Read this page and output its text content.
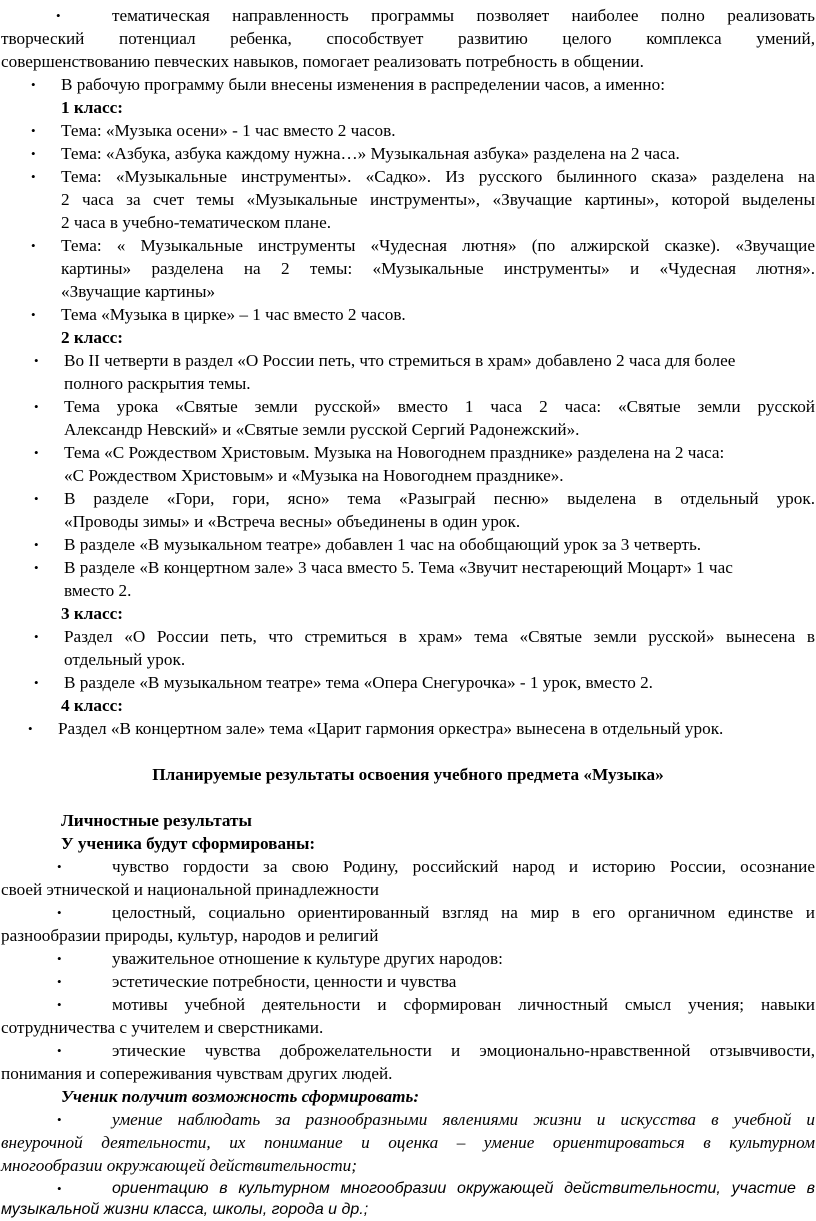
•	тематическая направленность программы позволяет наиболее полно реализовать
творческий потенциал ребенка, способствует развитию целого комплекса умений,
совершенствованию певческих навыков, помогает реализовать потребность в общении.
• В рабочую программу были внесены изменения в распределении часов, а именно:
1 класс:
• Тема: «Музыка осени» - 1 час вместо 2 часов.
• Тема: «Азбука, азбука каждому нужна…» Музыкальная азбука» разделена на 2 часа.
• Тема: «Музыкальные инструменты». «Садко». Из русского былинного сказа» разделена на
2 часа за счет темы «Музыкальные инструменты», «Звучащие картины», которой выделены
2 часа в учебно-тематическом плане.
• Тема: « Музыкальные инструменты «Чудесная лютня» (по алжирской сказке). «Звучащие
картины» разделена на 2 темы: «Музыкальные инструменты» и «Чудесная лютня».
«Звучащие картины»
• Тема «Музыка в цирке» – 1 час вместо 2 часов.
2 класс:
• Во II четверти в раздел «О России петь, что стремиться в храм» добавлено 2 часа для более
полного раскрытия темы.
• Тема урока «Святые земли русской» вместо 1 часа 2 часа: «Святые земли русской
Александр Невский» и «Святые земли русской Сергий Радонежский».
• Тема «С Рождеством Христовым. Музыка на Новогоднем празднике» разделена на 2 часа:
«С Рождеством Христовым» и «Музыка на Новогоднем празднике».
• В разделе «Гори, гори, ясно» тема «Разыграй песню» выделена в отдельный урок.
«Проводы зимы» и «Встреча весны» объединены в один урок.
• В разделе «В музыкальном театре» добавлен 1 час на обобщающий урок за 3 четверть.
• В разделе «В концертном зале» 3 часа вместо 5. Тема «Звучит нестареющий Моцарт» 1 час
вместо 2.
3 класс:
• Раздел «О России петь, что стремиться в храм» тема «Святые земли русской» вынесена в
отдельный урок.
• В разделе «В музыкальном театре» тема «Опера Снегурочка» - 1 урок, вместо 2.
4 класс:
• Раздел «В концертном зале» тема «Царит гармония оркестра» вынесена в отдельный урок.
Планируемые результаты освоения учебного предмета «Музыка»
Личностные результаты
У ученика будут сформированы:
•	чувство гордости за свою Родину, российский народ и историю России, осознание
своей этнической и национальной принадлежности
•	целостный, социально ориентированный взгляд на мир в его органичном единстве и
разнообразии природы, культур, народов и религий
•	уважительное отношение к культуре других народов:
•	эстетические потребности, ценности и чувства
•	мотивы учебной деятельности и сформирован личностный смысл учения; навыки
сотрудничества с учителем и сверстниками.
•	этические чувства доброжелательности и эмоционально-нравственной отзывчивости,
понимания и сопереживания чувствам других людей.
Ученик получит возможность сформировать:
•	умение наблюдать за разнообразными явлениями жизни и искусства в учебной и
внеурочной деятельности, их понимание и оценка – умение ориентироваться в культурном
многообразии окружающей действительности;
•	ориентацию в культурном многообразии окружающей действительности, участие в
музыкальной жизни класса, школы, города и др.;
